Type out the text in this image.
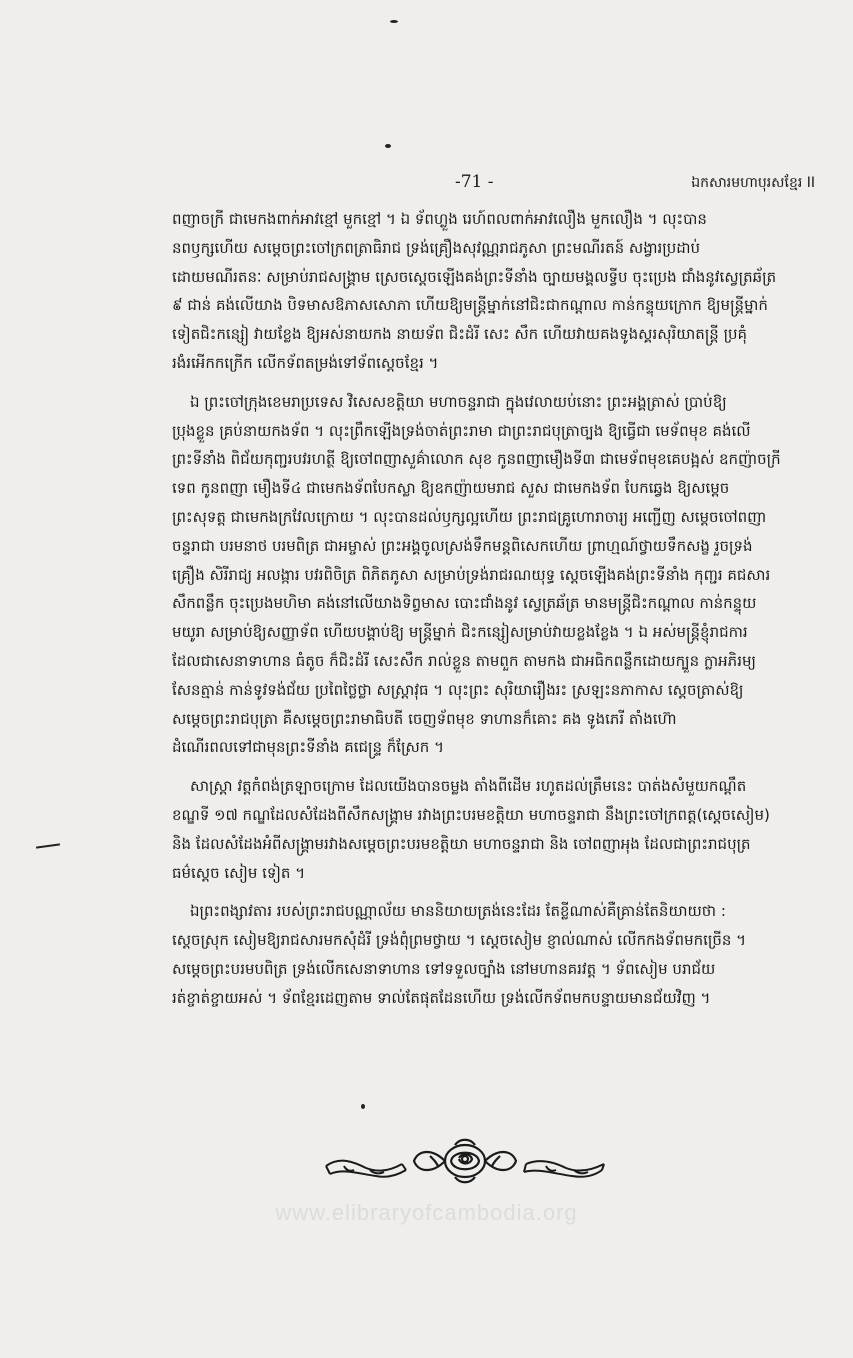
-71 -	ឯកសារមហាបុរសខ្មែរ II

ពញាចក្រី ជាមេកងពាក់អាវខ្មៅ មួកខ្មៅ ។ ឯ ទ័ពហ្លួង រេហ៍ពលពាក់អាវលឿង មួកលឿង ។ លុះបាន
នពឫក្សហើយ សម្តេចព្រះចៅក្រពត្រាធិរាជ ទ្រង់គ្រឿងសុវណ្ណរាជភូសា ព្រះមណីរតន៍ សង្វារប្រដាប់
ដោយមណីរតនៈ សម្រាប់រាជសង្គ្រាម ស្រេចស្តេចឡើងគង់ព្រះទីនាំង ច្បាយមង្គលទ្វីប ចុះប្រេង ជាំងនូវស្វេត្រឆ័ត្រ
៩ ជាន់ គង់លើយាង បិទមាសឱភាសសោភា ហើយឱ្យមន្ត្រីម្នាក់នៅជិះជាកណ្តាល កាន់កន្ទុយក្រោក ឱ្យមន្ត្រីម្នាក់
ទៀតជិះកន្សៀ វាយខ្លែង ឱ្យអស់នាយកង នាយទ័ព ជិះដំរី សេះ សឹក ហើយវាយគងទូងស្គរសុរិយាតន្ត្រី ប្រគុំ
រងំរអើកកក្រើក លើកទ័ពតម្រង់ទៅទ័ពស្តេចខ្មែរ ។

ឯ ព្រះចៅក្រុងខេមរាប្រទេស វិសេសខត្តិយា មហាចន្ទរាជា ក្នុងវេលាយប់នោះ ព្រះអង្គត្រាស់ ប្រាប់ឱ្យ
ប្រុងខ្លួន គ្រប់នាយកងទ័ព ។ លុះព្រឹកឡើងទ្រង់ចាត់ព្រះរាមា ជាព្រះរាជបុត្រាច្បង ឱ្យធ្វើជា មេទ័ពមុខ គង់លើ
ព្រះទីនាំង ពិជ័យកុញ្ជរបវរហត្ថី ឱ្យចៅពញាសួគ៌ាលោក សុខ កូនពញាមឿងទី៣ ជាមេទ័ពមុខគេបង្អស់ ឧកញ៉ាចក្រី
ទេព កូនពញា មឿងទី៤ ជាមេកងទ័ពបែកស្លា ឱ្យឧកញ៉ាយមរាជ សួស ជាមេកងទ័ព បែកឆ្វេង ឱ្យសម្តេច
ព្រះសុទត្ត ជាមេកងក្រវែលក្រោយ ។ លុះបានដល់ឫក្សល្អហើយ ព្រះរាជគ្រូហោរាចារ្យ អញ្ជើញ សម្តេចចៅពញា
ចន្ទរាជា បរមនាថ បរមពិត្រ ជាអម្ចាស់ ព្រះអង្គចូលស្រង់ទឹកមន្តពិសេកហើយ ព្រាហ្មណ៍ថ្វាយទឹកសង្ខ រួចទ្រង់
គ្រឿង សិរីរាជ្យ អលង្ការ បវរពិចិត្រ ពិភិតភូសា សម្រាប់ទ្រង់រាជរណយុទ្ធ ស្តេចឡើងគង់ព្រះទីនាំង កុញ្ជរ គជសារ
សឹកពន្លឹក ចុះប្រេងមហិមា គង់នៅលើយាងទិព្វមាស បោះជាំងនូវ ស្វេត្រឆ័ត្រ មានមន្ត្រីជិះកណ្តាល កាន់កន្ទុយ
មយូរា សម្រាប់ឱ្យសញ្ញាទ័ព ហើយបង្គាប់ឱ្យ មន្ត្រីម្នាក់ ជិះកន្សៀសម្រាប់វាយខ្លងខ្លែង ។ ឯ អស់មន្ត្រីខ្ញុំរាជការ
ដែលជាសេនាទាហាន ធំតូច ក៏ជិះដំរី សេះសឹក រាល់ខ្លួន តាមពួក តាមកង ជាអធិកពន្លឹកដោយក្បួន ក្លាអភិរម្យ
សែនត្មាន់ កាន់ទូវទង់ជ័យ ប្រពៃថ្លៃថ្លា សស្ត្រាវុធ ។ លុះព្រះ សុរិយារឿងរះ ស្រឡះនភាកាស ស្តេចត្រាស់ឱ្យ
សម្តេចព្រះរាជបុត្រា គឺសម្តេចព្រះរាមាធិបតី ចេញទ័ពមុខ ទាហានក៏គោះ គង ទូងភេរី តាំងហ៊ោ
ដំណើរពលទៅជាមុនព្រះទីនាំង គជេន្ទ្រ ក៏ស្រែក ។

សាស្ត្រា វត្តកំពង់ត្រឡាចក្រោម ដែលយើងបានចម្លង តាំងពីដើម រហូតដល់ត្រឹមនេះ បាត់ងសំមួយកណ្តឹត
ខណ្ឌទី ១៧ កណ្ឌដែលសំដែងពីសឹកសង្គ្រាម រវាងព្រះបរមខត្តិយា មហាចន្ទរាជា នឹងព្រះចៅក្រពត្ត(ស្តេចសៀម)
និង ដែលសំដែងអំពីសង្គ្រាមរវាងសម្តេចព្រះបរមខត្តិយា មហាចន្ទរាជា និង ចៅពញាអុង ដែលជាព្រះរាជបុត្រ
ធម៌ស្តេច សៀម ទៀត ។

ឯព្រះពង្សាវតារ របស់ព្រះរាជបណ្ណាល័យ មាននិយាយត្រង់នេះដែរ តែខ្លីណាស់គឺគ្រាន់តែនិយាយថា :
ស្តេចស្រុក សៀមឱ្យរាជសារមកសុំដំរី ទ្រង់ពុំព្រមថ្វាយ ។ ស្តេចសៀម ខ្ញាល់ណាស់ លើកកងទ័ពមកច្រើន ។
សម្តេចព្រះបរមបពិត្រ ទ្រង់លើកសេនាទាហាន ទៅទទួលច្បាំង នៅមហានគរវត្ត ។ ទ័ពសៀម បរាជ័យ
រត់ខ្ចាត់ខ្ចាយអស់ ។ ទ័ពខ្មែរដេញតាម ទាល់តែផុតដែនហើយ ទ្រង់លើកទ័ពមកបន្ទាយមានជ័យវិញ ។

www.elibraryofcambodia.org
